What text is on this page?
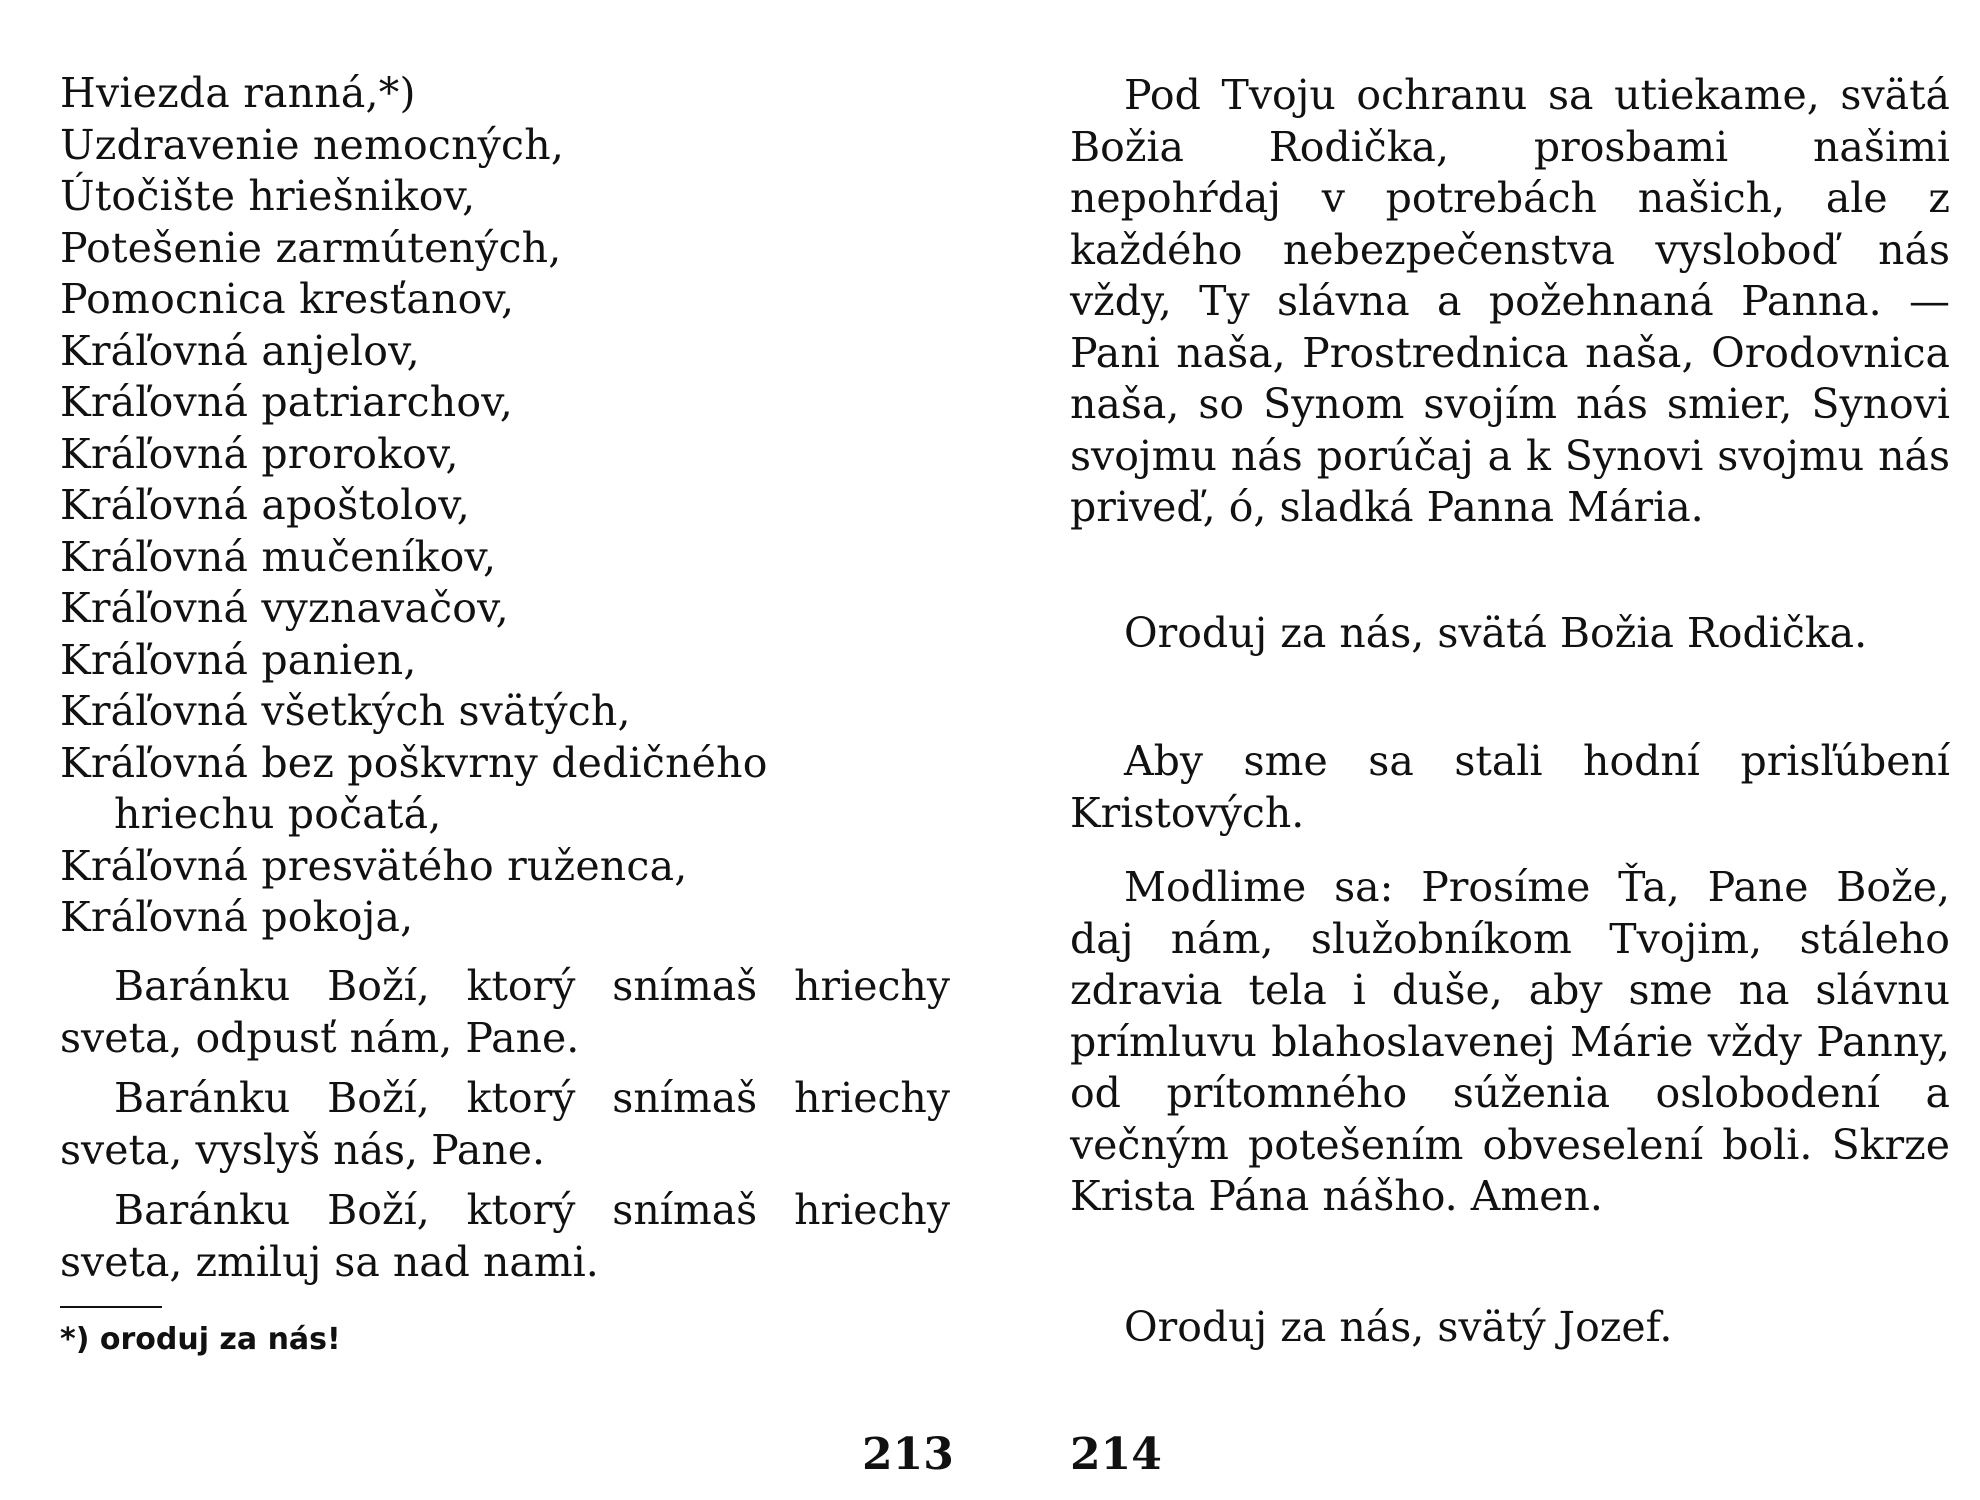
Hviezda ranná,*)
Uzdravenie nemocných,
Útočište hriešnikov,
Potešenie zarmútených,
Pomocnica kresťanov,
Kráľovná anjelov,
Kráľovná patriarchov,
Kráľovná prorokov,
Kráľovná apoštolov,
Kráľovná mučeníkov,
Kráľovná vyznavačov,
Kráľovná panien,
Kráľovná všetkých svätých,
Kráľovná bez poškvrny dedičného
hriechu počatá,
Kráľovná presvätého ruženca,
Kráľovná pokoja,

Baránku Boží, ktorý snímaš hriechy sveta, odpusť nám, Pane.

Baránku Boží, ktorý snímaš hriechy sveta, vyslyš nás, Pane.

Baránku Boží, ktorý snímaš hriechy sveta, zmiluj sa nad nami.

*) oroduj za nás!
213

Pod Tvoju ochranu sa utiekame, svätá Božia Rodička, prosbami našimi nepohŕdaj v potrebách našich, ale z každého nebezpečenstva vysloboď nás vždy, Ty slávna a požehnaná Panna. — Pani naša, Prostrednica naša, Orodovnica naša, so Synom svojím nás smier, Synovi svojmu nás porúčaj a k Synovi svojmu nás priveď, ó, sladká Panna Mária.

Oroduj za nás, svätá Božia Rodička.

Aby sme sa stali hodní prisľúbení Kristových.

Modlime sa: Prosíme Ťa, Pane Bože, daj nám, služobníkom Tvojim, stáleho zdravia tela i duše, aby sme na slávnu prímluvu blahoslavenej Márie vždy Panny, od prítomného súženia oslobodení a večným potešením obveselení boli. Skrze Krista Pána nášho. Amen.

Oroduj za nás, svätý Jozef.

214
